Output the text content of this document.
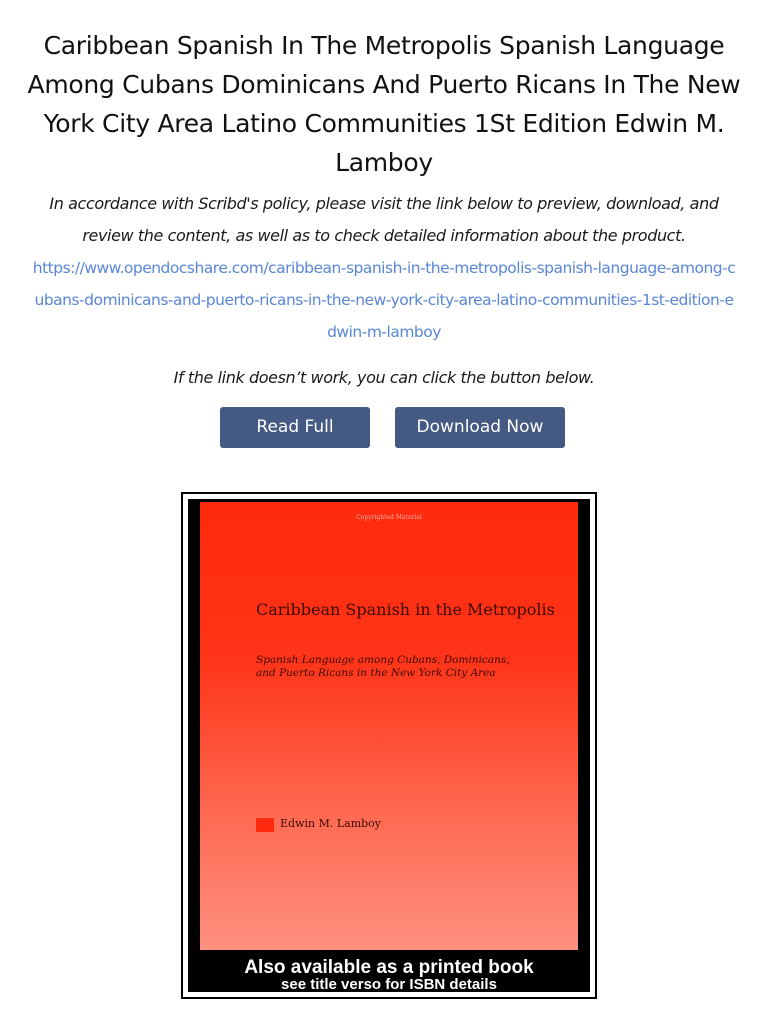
Caribbean Spanish In The Metropolis Spanish Language Among Cubans Dominicans And Puerto Ricans In The New York City Area Latino Communities 1St Edition Edwin M. Lamboy

In accordance with Scribd's policy, please visit the link below to preview, download, and review the content, as well as to check detailed information about the product.

https://www.opendocshare.com/caribbean-spanish-in-the-metropolis-spanish-language-among-cubans-dominicans-and-puerto-ricans-in-the-new-york-city-area-latino-communities-1st-edition-edwin-m-lamboy

If the link doesn’t work, you can click the button below.

Read Full	Download Now
Copyrighted Material
Caribbean Spanish in the Metropolis

Spanish Language among Cubans, Dominicans, and Puerto Ricans in the New York City Area

Edwin M. Lamboy
Also available as a printed book
see title verso for ISBN details
